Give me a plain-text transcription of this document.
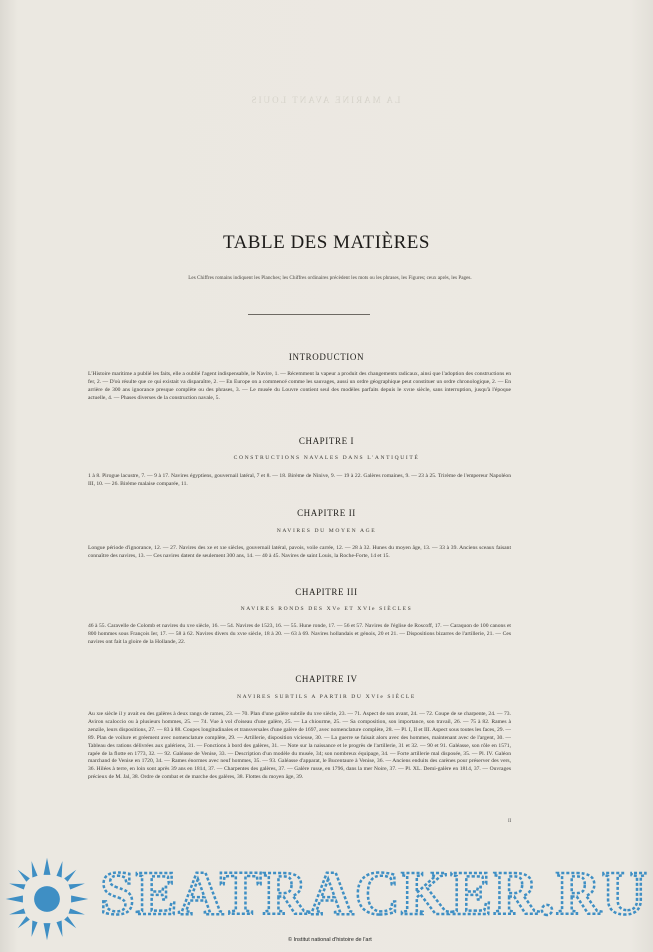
LA MARINE AVANT LOUIS
TABLE DES MATIÈRES
Les Chiffres romains indiquent les Planches; les Chiffres ordinaires précèdent les mots ou les phrases, les Figures; ceux après, les Pages.
INTRODUCTION
L'Histoire maritime a publié les faits, elle a oublié l'agent indispensable, le Navire, 1. — Récemment la vapeur a produit des changements radicaux, ainsi que l'adoption des constructions en fer, 2. — D'où résulte que ce qui existait va disparaître, 2. — En Europe on a commencé comme les sauvages, aussi un ordre géographique peut constituer un ordre chronologique, 2. — En arrière de 300 ans ignorance presque complète ou des phrases, 3. — Le musée du Louvre contient seul des modèles parfaits depuis le xvɪɪe siècle, sans interruption, jusqu'à l'époque actuelle, 4. — Phases diverses de la construction navale, 5.
CHAPITRE I
CONSTRUCTIONS NAVALES DANS L'ANTIQUITÉ
1 à 8. Pirogue lacustre, 7. — 9 à 17. Navires égyptiens, gouvernail latéral, 7 et 8. — 18. Birème de Ninive, 9. — 19 à 22. Galères romaines, 9. — 23 à 25. Trirème de l'empereur Napoléon III, 10. — 26. Birème malaise comparée, 11.
CHAPITRE II
NAVIRES DU MOYEN AGE
Longue période d'ignorance, 12. — 27. Navires des xe et xɪe siècles, gouvernail latéral, pavois, voile carrée, 12. — 28 à 32. Hunes du moyen âge, 13. — 33 à 39. Anciens sceaux faisant connaître des navires, 13. — Ces navires datent de seulement 300 ans, 14. — 40 à 45. Navires de saint Louis, la Roche-Forte, 14 et 15.
CHAPITRE III
NAVIRES RONDS DES XVe ET XVIe SIÈCLES
46 à 55. Caravelle de Colomb et navires du xve siècle, 16. — 54. Navires de 1523, 16. — 55. Hune ronde, 17. — 56 et 57. Navires de l'église de Roscoff, 17. — Caraquon de 100 canons et 800 hommes sous François Ier, 17. — 58 à 62. Navires divers du xvɪe siècle, 18 à 20. — 63 à 69. Navires hollandais et génois, 20 et 21. — Dispositions bizarres de l'artillerie, 21. — Ces navires ont fait la gloire de la Hollande, 22.
CHAPITRE IV
NAVIRES SUBTILS A PARTIR DU XVIe SIÈCLE
Au xɪe siècle il y avait eu des galères à deux rangs de rames, 23. — 70. Plan d'une galère subtile du xve siècle, 23. — 71. Aspect de son avant, 24. — 72. Coupe de se charpente, 24. — 73. Aviron scaloccio ou à plusieurs hommes, 25. — 74. Vue à vol d'oiseau d'une galère, 25. — La chiourme, 25. — Sa composition, son importance, son travail, 26. — 75 à 82. Rames à zenzile, leurs dispositions, 27. — 83 à 88. Coupes longitudinales et transversales d'une galère de 1697, avec nomenclature complète, 28. — Pl. I, II et III. Aspect sous toutes les faces, 29. — 89. Plan de voilure et gréement avec nomenclature complète, 29. — Artillerie, disposition vicieuse, 30. — La guerre se faisait alors avec des hommes, maintenant avec de l'argent, 30. — Tableau des rations délivrées aux galériens, 31. — Fonctions à bord des galères, 31. — Note sur la naissance et le progrès de l'artillerie, 31 et 32. — 90 et 91. Galéasse, son rôle en 1571, rapée de la flotte en 1773, 32. — 92. Galéasse de Venise, 33. — Description d'un modèle du musée, 34; son nombreux équipage, 34. — Forte artillerie mal disposée, 35. — Pl. IV. Galéon marchand de Venise en 1720, 34. — Rames énormes avec neuf hommes, 35. — 93. Galéasse d'apparat, le Bucentaure à Venise, 36. — Anciens enduits des carènes pour préserver des vers, 36. Hilées à terre, en loin sont après 39 ans en 1814, 37. — Charpentes des galères, 37. — Galère russe, en 1796, dans la mer Noire, 37. — Pl. XL. Demi-galère en 1814, 37. — Ouvrages précieux de M. Jal, 38. Ordre de combat et de marche des galères, 38. Flottes du moyen âge, 39.
II
SEATRACKER.RU
© Institut national d'histoire de l'art
